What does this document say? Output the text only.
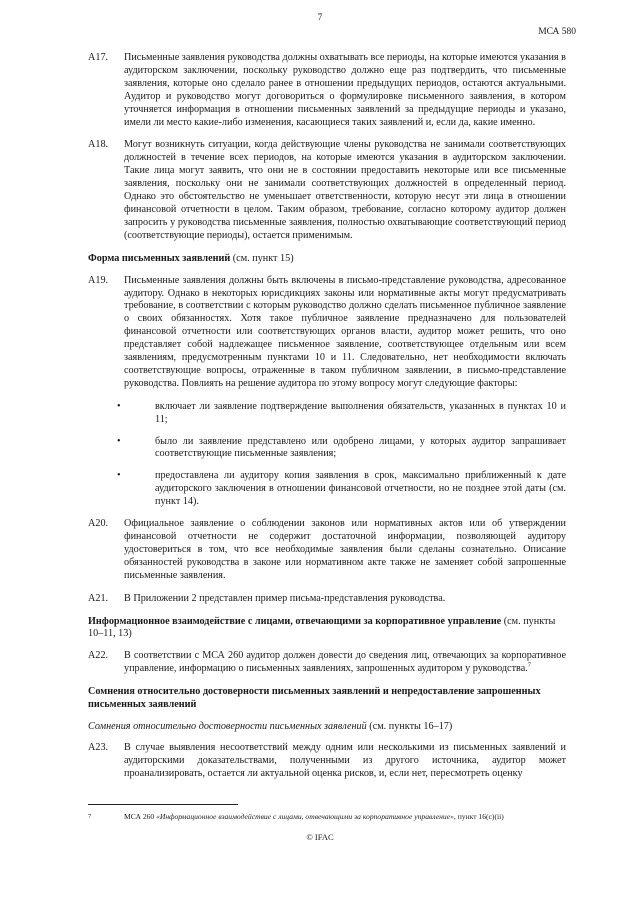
7
МСА 580
A17. Письменные заявления руководства должны охватывать все периоды, на которые имеются указания в аудиторском заключении, поскольку руководство должно еще раз подтвердить, что письменные заявления, которые оно сделало ранее в отношении предыдущих периодов, остаются актуальными. Аудитор и руководство могут договориться о формулировке письменного заявления, в котором уточняется информация в отношении письменных заявлений за предыдущие периоды и указано, имели ли место какие-либо изменения, касающиеся таких заявлений и, если да, какие именно.
A18. Могут возникнуть ситуации, когда действующие члены руководства не занимали соответствующих должностей в течение всех периодов, на которые имеются указания в аудиторском заключении. Такие лица могут заявить, что они не в состоянии предоставить некоторые или все письменные заявления, поскольку они не занимали соответствующих должностей в определенный период. Однако это обстоятельство не уменьшает ответственности, которую несут эти лица в отношении финансовой отчетности в целом. Таким образом, требование, согласно которому аудитор должен запросить у руководства письменные заявления, полностью охватывающие соответствующий период (соответствующие периоды), остается применимым.
Форма письменных заявлений (см. пункт 15)
A19. Письменные заявления должны быть включены в письмо-представление руководства, адресованное аудитору. Однако в некоторых юрисдикциях законы или нормативные акты могут предусматривать требование, в соответствии с которым руководство должно сделать письменное публичное заявление о своих обязанностях. Хотя такое публичное заявление предназначено для пользователей финансовой отчетности или соответствующих органов власти, аудитор может решить, что оно представляет собой надлежащее письменное заявление, соответствующее отдельным или всем заявлениям, предусмотренным пунктами 10 и 11. Следовательно, нет необходимости включать соответствующие вопросы, отраженные в таком публичном заявлении, в письмо-представление руководства. Повлиять на решение аудитора по этому вопросу могут следующие факторы:
• включает ли заявление подтверждение выполнения обязательств, указанных в пунктах 10 и 11;
• было ли заявление представлено или одобрено лицами, у которых аудитор запрашивает соответствующие письменные заявления;
• предоставлена ли аудитору копия заявления в срок, максимально приближенный к дате аудиторского заключения в отношении финансовой отчетности, но не позднее этой даты (см. пункт 14).
A20. Официальное заявление о соблюдении законов или нормативных актов или об утверждении финансовой отчетности не содержит достаточной информации, позволяющей аудитору удостовериться в том, что все необходимые заявления были сделаны сознательно. Описание обязанностей руководства в законе или нормативном акте также не заменяет собой запрошенные письменные заявления.
A21. В Приложении 2 представлен пример письма-представления руководства.
Информационное взаимодействие с лицами, отвечающими за корпоративное управление (см. пункты 10–11, 13)
A22. В соответствии с МСА 260 аудитор должен довести до сведения лиц, отвечающих за корпоративное управление, информацию о письменных заявлениях, запрошенных аудитором у руководства.$^7$
Сомнения относительно достоверности письменных заявлений и непредоставление запрошенных письменных заявлений
Сомнения относительно достоверности письменных заявлений (см. пункты 16–17)
A23. В случае выявления несоответствий между одним или несколькими из письменных заявлений и аудиторскими доказательствами, полученными из другого источника, аудитор может проанализировать, остается ли актуальной оценка рисков, и, если нет, пересмотреть оценку
7	МСА 260 «Информационное взаимодействие с лицами, отвечающими за корпоративное управление», пункт 16(с)(ii)
© IFAC
